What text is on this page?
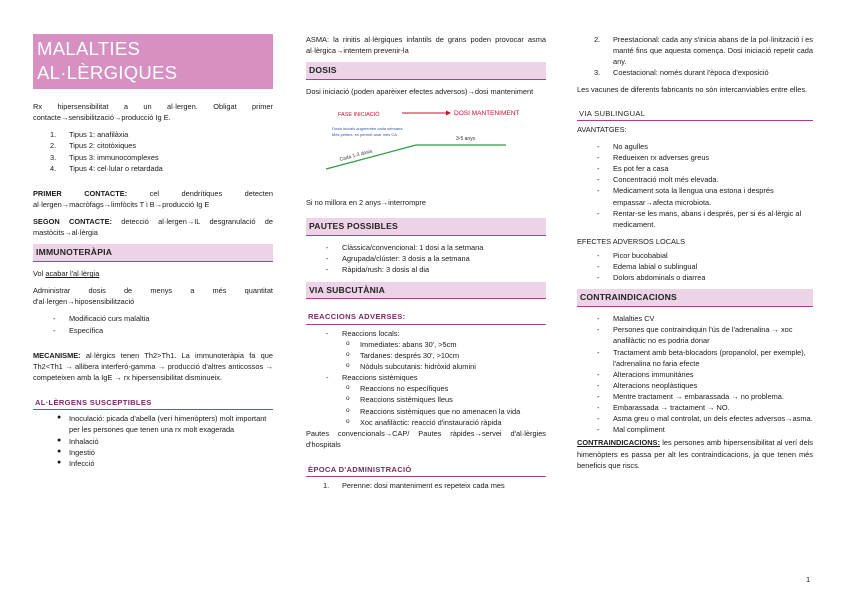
MALALTIES AL·LÈRGIQUES

Rx hipersensibilitat a un al·lergen. Obligat primer contacte→sensibilització→producció Ig E.

1. Tipus 1: anafilàxia
2. Tipus 2: citotòxiques
3. Tipus 3: immunocomplexes
4. Tipus 4: cel·lular o retardada

PRIMER CONTACTE: cel dendrítiques detecten al·lergen→macròfags→limfòcits T i B→producció Ig E

SEGON CONTACTE: detecció al·lergen→IL desgranulació de mastòcits→al·lèrgia

IMMUNOTERÀPIA

Vol acabar l'al·lèrgia

Administrar dosis de menys a més quantitat d'al·lergen→hiposensibilització

- Modificació curs malaltia
- Específica

MECANISME: al·lèrgics tenen Th2>Th1. La immunoteràpia fa que Th2<Th1 → allibera interferó-gamma → producció d'altres anticossos → competeixen amb la IgE → rx hipersensibilitat disminueix.

AL·LÈRGENS SUSCEPTIBLES
● Inoculació: picada d'abella (verí himenòpters) molt important per les persones que tenen una rx molt exagerada
● Inhalació
● Ingestió
● Infecció

ASMA: la rinitis al·lèrgiques infantils de grans poden provocar asma al·lèrgica→intentem prevenir-la

DOSIS

Dosi iniciació (poden aparèixer efectes adversos)→dosi manteniment

FASE INICIACIÓ	DOSI MANTENIMENT
Dosis inicials augmenten cada setmana
Més petites, es permet anar més CA
Cada 1-3 dosis
3-5 anys

Si no millora en 2 anys→interrompre

PAUTES POSSIBLES
- Clàssica/convencional: 1 dosi a la setmana
- Agrupada/clúster: 3 dosis a la setmana
- Ràpida/rush: 3 dosis al dia
VIA SUBCUTÀNIA
REACCIONS ADVERSES:
- Reaccions locals:
o Immediates: abans 30', >5cm
o Tardanes: després 30', >10cm
o Nòduls subcutanis: hidròxid alumini
- Reaccions sistèmiques
o Reaccions no específiques
o Reaccions sistèmiques lleus
o Reaccions sistèmiques que no amenacen la vida
o Xoc anafilàctic: reacció d'instauració ràpida

Pautes convencionals→CAP/ Pautes ràpides→servei d'al·lèrgies d'hospitals

ÈPOCA D'ADMINISTRACIÓ
1. Perenne: dosi manteniment es repeteix cada mes
2. Preestacional: cada any s'inicia abans de la pol·linització i es manté fins que aquesta comença. Dosi iniciació repetir cada any.
3. Coestacional: només durant l'època d'exposició

Les vacunes de diferents fabricants no són intercanviables entre elles.

VIA SUBLINGUAL

AVANTATGES:

- No agulles
- Redueixen rx adverses greus
- Es pot fer a casa
- Concentració molt més elevada.
- Medicament sota la llengua una estona i després empassar→afecta microbiota.
- Rentar-se les mans, abans i després, per si és al·lèrgic al medicament.

EFECTES ADVERSOS LOCALS

- Picor bucobabial
- Edema labial o sublingual
- Dolors abdominals o diarrea
CONTRAINDICACIONS
- Malalties CV
- Persones que contraindiquin l'ús de l'adrenalina → xoc anafilàctic no es podria donar
- Tractament amb beta-blocadors (propanolol, per exemple), l'adrenalina no faria efecte
- Alteracions immunitàries
- Alteracions neoplàstiques
- Mentre tractament → embarassada → no problema.
- Embarassada → tractament → NO.
- Asma greu o mal controlat, un dels efectes adversos→asma.
- Mal compliment

CONTRAINDICACIONS: les persones amb hipersensibilitat al verí dels himenòpters es passa per alt les contraindicacions, ja que tenen més beneficis que riscs.

1
